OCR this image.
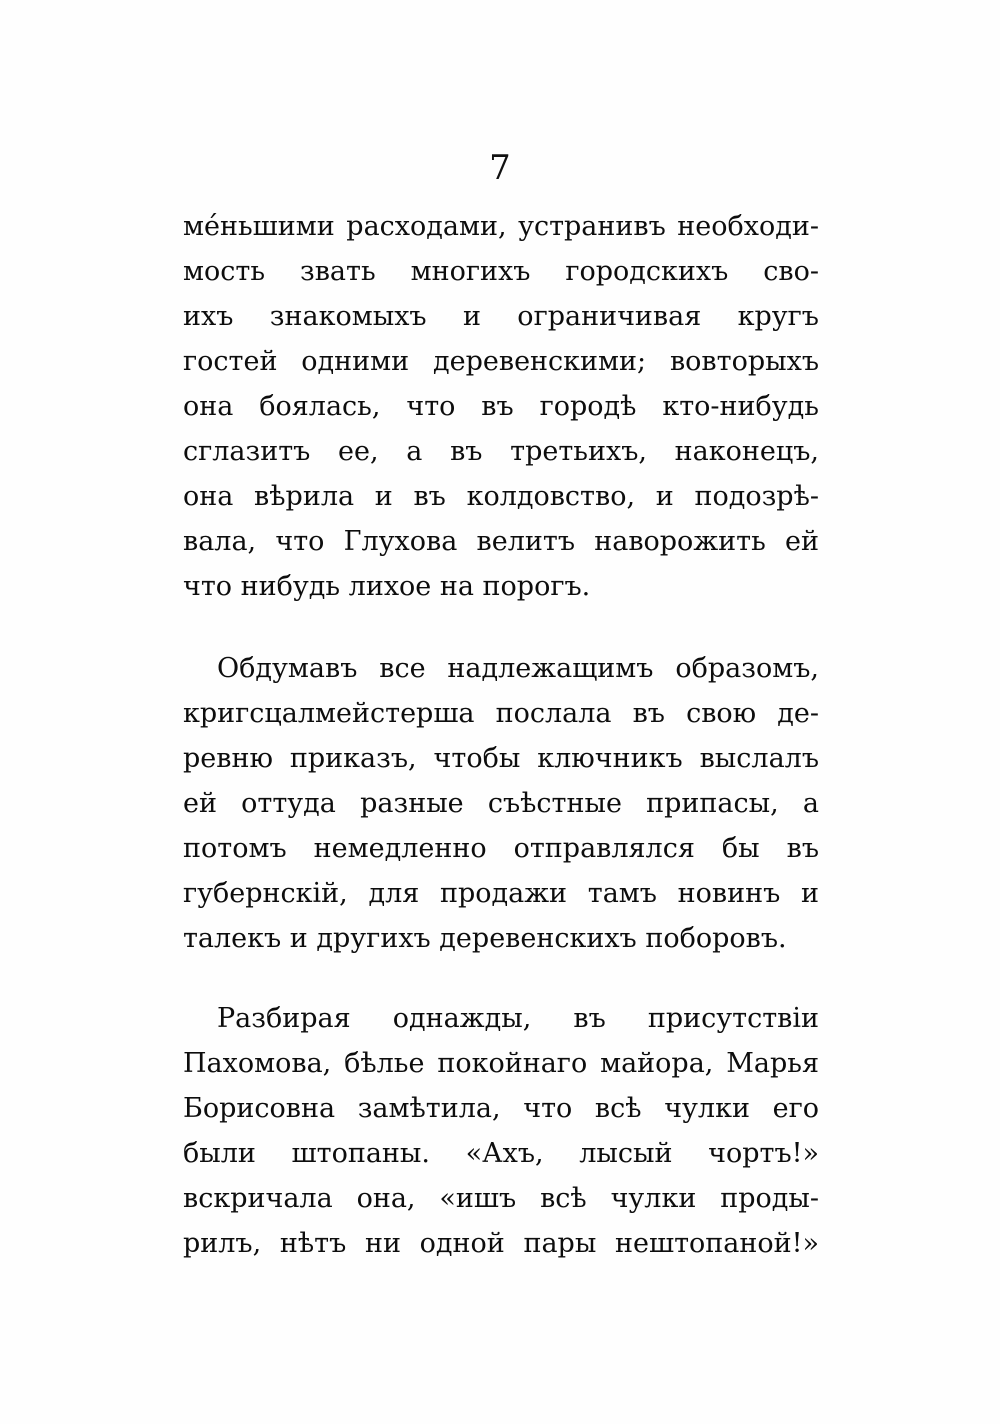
7
ме́ньшими расходами, устранивъ необходи-
мость звать многихъ городскихъ сво-
ихъ знакомыхъ и ограничивая кругъ
гостей одними деревенскими; вовторыхъ
она боялась, что въ городѣ кто-нибудь
сглазитъ ее, а въ третьихъ, наконецъ,
она вѣрила и въ колдовство, и подозрѣ-
вала, что Глухова велитъ наворожить ей
что нибудь лихое на порогъ.
Обдумавъ все надлежащимъ образомъ,
кригсцалмейстерша послала въ свою де-
ревню приказъ, чтобы ключникъ выслалъ
ей оттуда разные съѣстные припасы, а
потомъ немедленно отправлялся бы въ
губернскій, для продажи тамъ новинъ и
талекъ и другихъ деревенскихъ поборовъ.
Разбирая однажды, въ присутствіи
Пахомова, бѣлье покойнаго майора, Марья
Борисовна замѣтила, что всѣ чулки его
были штопаны. «Ахъ, лысый чортъ!»
вскричала она, «ишъ всѣ чулки проды-
рилъ, нѣтъ ни одной пары нештопаной!»
